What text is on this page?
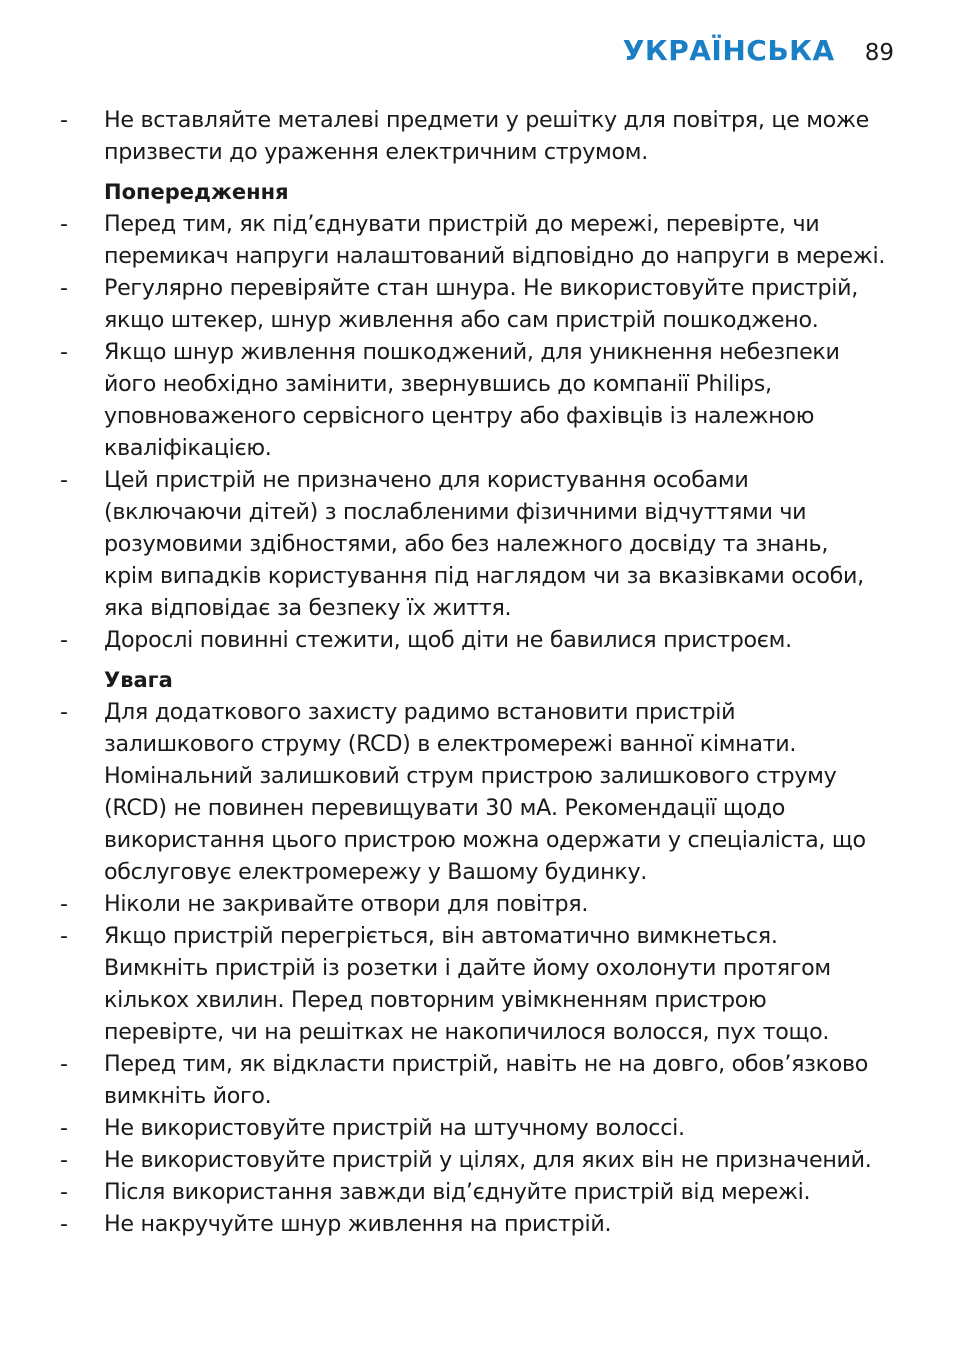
УКРАЇНСЬКА 89
- Не вставляйте металеві предмети у решітку для повітря, це може
призвести до ураження електричним струмом.
Попередження
- Перед тим, як під’єднувати пристрій до мережі, перевірте, чи
перемикач напруги налаштований відповідно до напруги в мережі.
- Регулярно перевіряйте стан шнура. Не використовуйте пристрій,
якщо штекер, шнур живлення або сам пристрій пошкоджено.
- Якщо шнур живлення пошкоджений, для уникнення небезпеки
його необхідно замінити, звернувшись до компанії Philips,
уповноваженого сервісного центру або фахівців із належною
кваліфікацією.
- Цей пристрій не призначено для користування особами
(включаючи дітей) з послабленими фізичними відчуттями чи
розумовими здібностями, або без належного досвіду та знань,
крім випадків користування під наглядом чи за вказівками особи,
яка відповідає за безпеку їх життя.
- Дорослі повинні стежити, щоб діти не бавилися пристроєм.
Увага
- Для додаткового захисту радимо встановити пристрій
залишкового струму (RCD) в електромережі ванної кімнати.
Номінальний залишковий струм пристрою залишкового струму
(RCD) не повинен перевищувати 30 мА. Рекомендації щодо
використання цього пристрою можна одержати у спеціаліста, що
обслуговує електромережу у Вашому будинку.
- Ніколи не закривайте отвори для повітря.
- Якщо пристрій перегріється, він автоматично вимкнеться.
Вимкніть пристрій із розетки і дайте йому охолонути протягом
кількох хвилин. Перед повторним увімкненням пристрою
перевірте, чи на решітках не накопичилося волосся, пух тощо.
- Перед тим, як відкласти пристрій, навіть не на довго, обов’язково
вимкніть його.
- Не використовуйте пристрій на штучному волоссі.
- Не використовуйте пристрій у цілях, для яких він не призначений.
- Після використання завжди від’єднуйте пристрій від мережі.
- Не накручуйте шнур живлення на пристрій.
